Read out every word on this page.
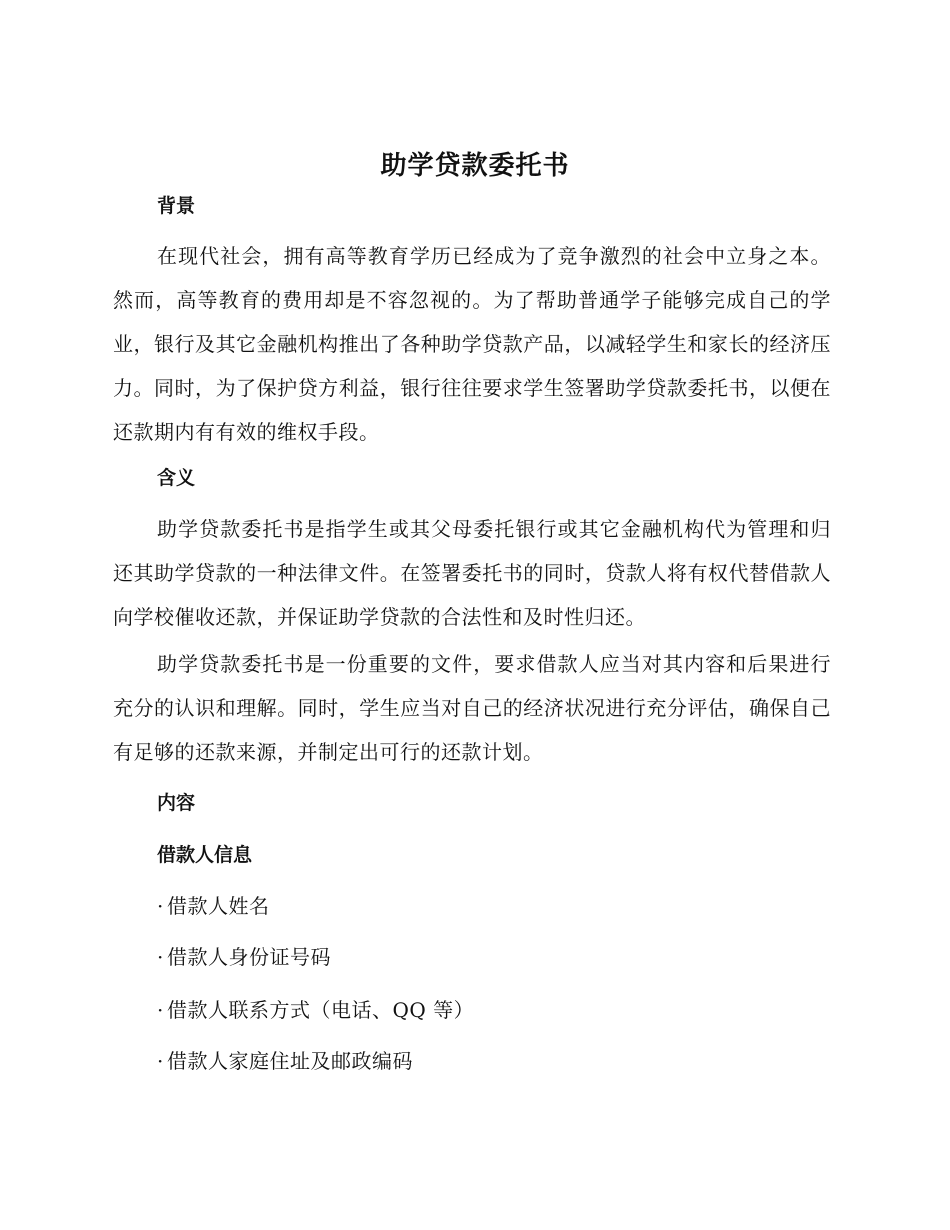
助学贷款委托书
背景

在现代社会，拥有高等教育学历已经成为了竞争激烈的社会中立身之本。然而，高等教育的费用却是不容忽视的。为了帮助普通学子能够完成自己的学业，银行及其它金融机构推出了各种助学贷款产品，以减轻学生和家长的经济压力。同时，为了保护贷方利益，银行往往要求学生签署助学贷款委托书，以便在还款期内有有效的维权手段。

含义

助学贷款委托书是指学生或其父母委托银行或其它金融机构代为管理和归还其助学贷款的一种法律文件。在签署委托书的同时，贷款人将有权代替借款人向学校催收还款，并保证助学贷款的合法性和及时性归还。

助学贷款委托书是一份重要的文件，要求借款人应当对其内容和后果进行充分的认识和理解。同时，学生应当对自己的经济状况进行充分评估，确保自己有足够的还款来源，并制定出可行的还款计划。

内容
借款人信息
· 借款人姓名
· 借款人身份证号码
· 借款人联系方式（电话、QQ 等）
· 借款人家庭住址及邮政编码
